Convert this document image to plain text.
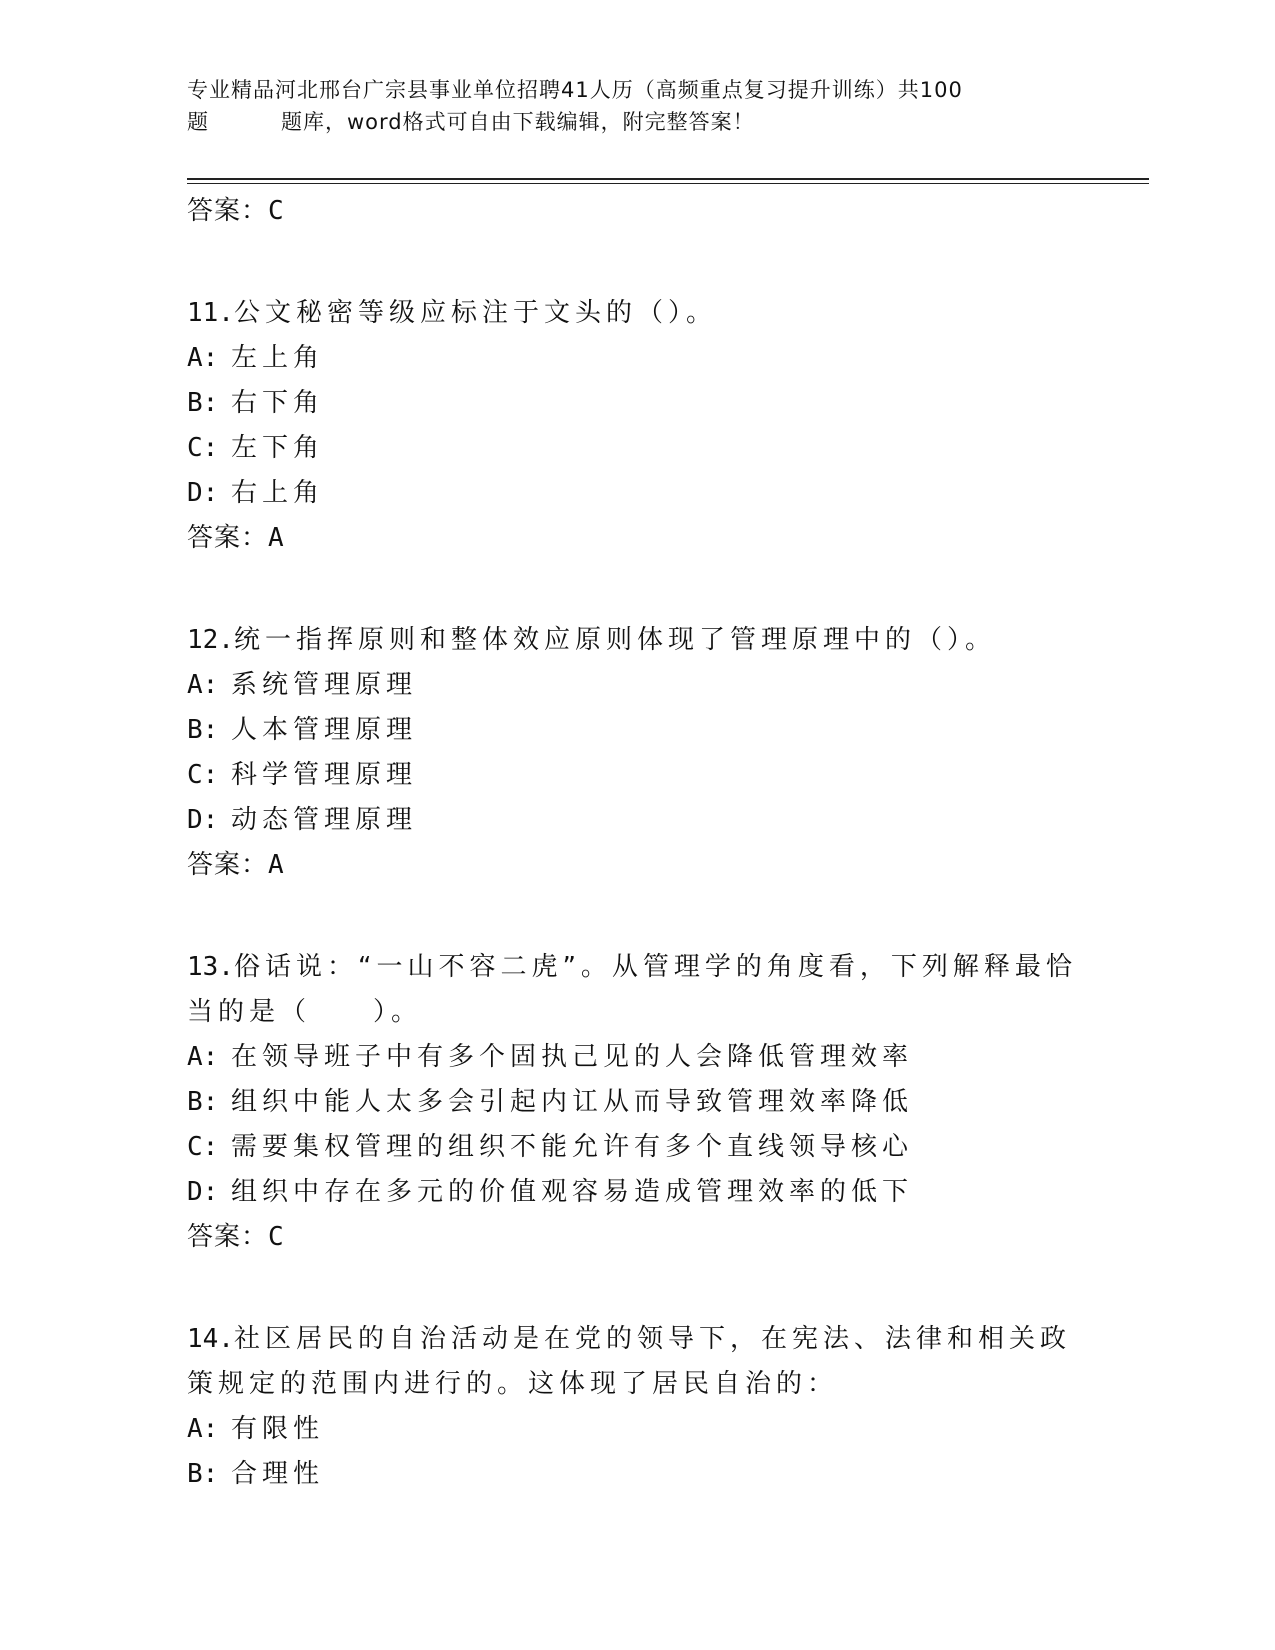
专业精品河北邢台广宗县事业单位招聘41人历（高频重点复习提升训练）共100
题	题库，word格式可自由下载编辑，附完整答案！

答案：C

11.公文秘密等级应标注于文头的（）。

A: 左上角

B: 右下角

C: 左下角

D: 右上角

答案：A

12.统一指挥原则和整体效应原则体现了管理原理中的（）。

A: 系统管理原理

B: 人本管理原理

C: 科学管理原理

D: 动态管理原理

答案：A

13.俗话说：“一山不容二虎”。从管理学的角度看，下列解释最恰当的是（　　）。

A: 在领导班子中有多个固执己见的人会降低管理效率

B: 组织中能人太多会引起内讧从而导致管理效率降低

C: 需要集权管理的组织不能允许有多个直线领导核心

D: 组织中存在多元的价值观容易造成管理效率的低下

答案：C

14.社区居民的自治活动是在党的领导下，在宪法、法律和相关政策规定的范围内进行的。这体现了居民自治的：

A: 有限性

B: 合理性
